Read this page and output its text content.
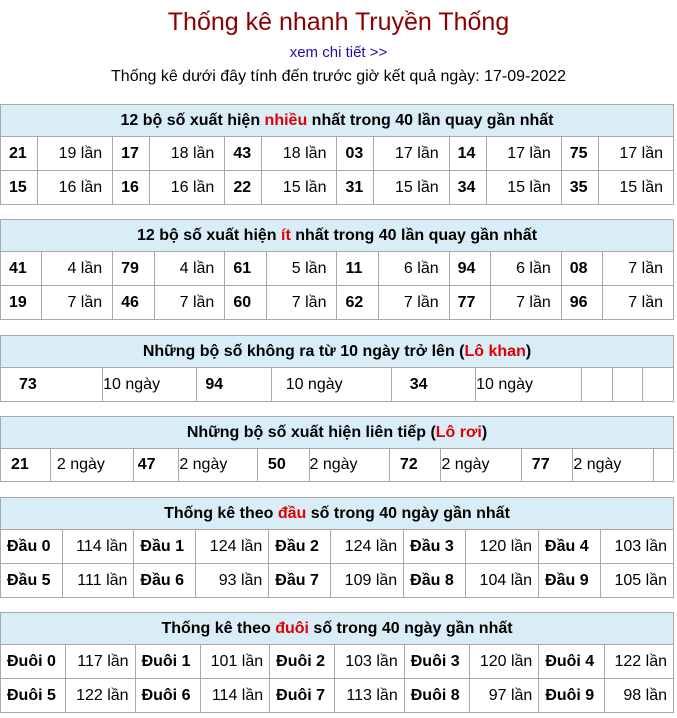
Thống kê nhanh Truyền Thống
xem chi tiết >>
Thống kê dưới đây tính đến trước giờ kết quả ngày: 17-09-2022
12 bộ số xuất hiện nhiều nhất trong 40 lần quay gần nhất											
21	19 lần	17	18 lần	43	18 lần	03	17 lần	14	17 lần	75	17 lần
15	16 lần	16	16 lần	22	15 lần	31	15 lần	34	15 lần	35	15 lần
12 bộ số xuất hiện ít nhất trong 40 lần quay gần nhất											
41	4 lần	79	4 lần	61	5 lần	11	6 lần	94	6 lần	08	7 lần
19	7 lần	46	7 lần	60	7 lần	62	7 lần	77	7 lần	96	7 lần
Những bộ số không ra từ 10 ngày trở lên (Lô khan)
73	10 ngày	94	10 ngày	34	10 ngày			
Những bộ số xuất hiện liên tiếp (Lô rơi)
21	2 ngày	47	2 ngày	50	2 ngày	72	2 ngày	77	2 ngày	
Thống kê theo đầu số trong 40 ngày gần nhất									
Đầu 0	114 lần	Đầu 1	124 lần	Đầu 2	124 lần	Đầu 3	120 lần	Đầu 4	103 lần
Đầu 5	111 lần	Đầu 6	93 lần	Đầu 7	109 lần	Đầu 8	104 lần	Đầu 9	105 lần
Thống kê theo đuôi số trong 40 ngày gần nhất									
Đuôi 0	117 lần	Đuôi 1	101 lần	Đuôi 2	103 lần	Đuôi 3	120 lần	Đuôi 4	122 lần
Đuôi 5	122 lần	Đuôi 6	114 lần	Đuôi 7	113 lần	Đuôi 8	97 lần	Đuôi 9	98 lần
